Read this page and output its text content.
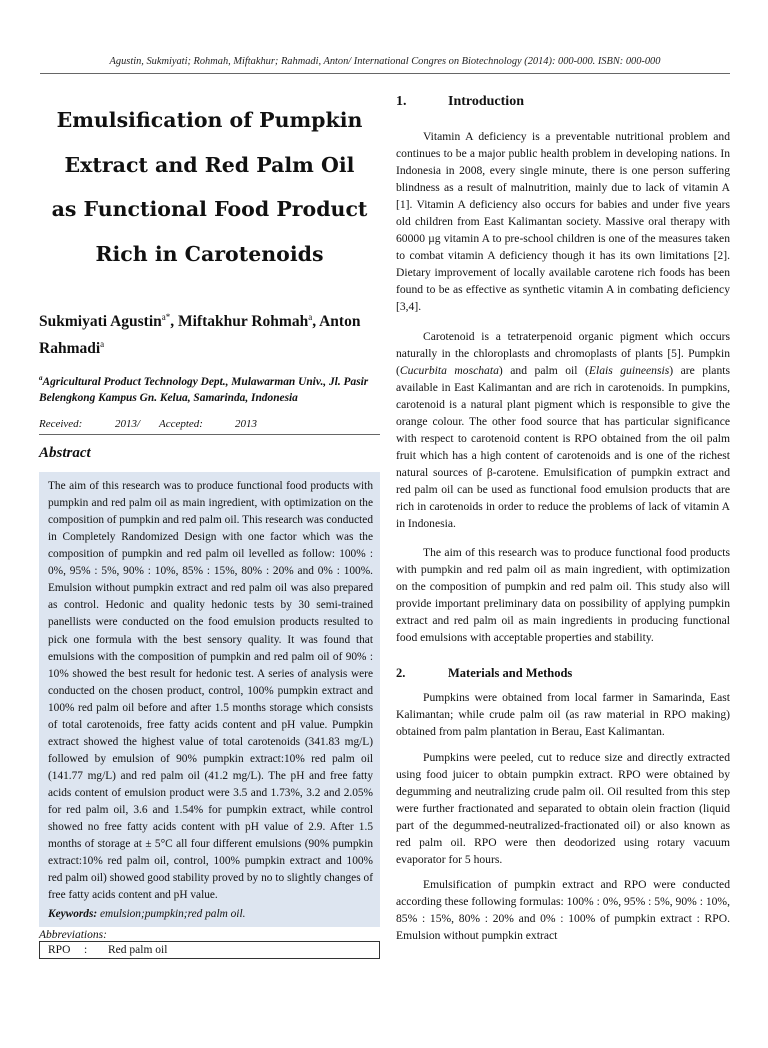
Agustin, Sukmiyati; Rohmah, Miftakhur; Rahmadi, Anton/ International Congres on Biotechnology (2014): 000-000. ISBN: 000-000
Emulsification of Pumpkin
Extract and Red Palm Oil
as Functional Food Product
Rich in Carotenoids
Sukmiyati Agustin$^{a*}$, Miftakhur Rohmah$^a$, Anton Rahmadi$^a$
$^a$Agricultural Product Technology Dept., Mulawarman Univ., Jl. Pasir Belengkong Kampus Gn. Kelua, Samarinda, Indonesia
Received:	2013/	Accepted:	2013
Abstract

The aim of this research was to produce functional food products with pumpkin and red palm oil as main ingredient, with optimization on the composition of pumpkin and red palm oil. This research was conducted in Completely Randomized Design with one factor which was the composition of pumpkin and red palm oil levelled as follow: 100% : 0%, 95% : 5%, 90% : 10%, 85% : 15%, 80% : 20% and 0% : 100%. Emulsion without pumpkin extract and red palm oil was also prepared as control. Hedonic and quality hedonic tests by 30 semi-trained panellists were conducted on the food emulsion products resulted to pick one formula with the best sensory quality. It was found that emulsions with the composition of pumpkin and red palm oil of 90% : 10% showed the best result for hedonic test. A series of analysis were conducted on the chosen product, control, 100% pumpkin extract and 100% red palm oil before and after 1.5 months storage which consists of total carotenoids, free fatty acids content and pH value. Pumpkin extract showed the highest value of total carotenoids (341.83 mg/L) followed by emulsion of 90% pumpkin extract:10% red palm oil (141.77 mg/L) and red palm oil (41.2 mg/L). The pH and free fatty acids content of emulsion product were 3.5 and 1.73%, 3.2 and 2.05% for red palm oil, 3.6 and 1.54% for pumpkin extract, while control showed no free fatty acids content with pH value of 2.9. After 1.5 months of storage at ± 5°C all four different emulsions (90% pumpkin extract:10% red palm oil, control, 100% pumpkin extract and 100% red palm oil) showed good stability proved by no to slightly changes of free fatty acids content and pH value.

Keywords: emulsion;pumpkin;red palm oil.

Abbreviations:
RPO	:	Red palm oil
1.	Introduction

Vitamin A deficiency is a preventable nutritional problem and continues to be a major public health problem in developing nations. In Indonesia in 2008, every single minute, there is one person suffering blindness as a result of malnutrition, mainly due to lack of vitamin A [1]. Vitamin A deficiency also occurs for babies and under five years old children from East Kalimantan society. Massive oral therapy with 60000 µg vitamin A to pre-school children is one of the measures taken to combat vitamin A deficiency though it has its own limitations [2]. Dietary improvement of locally available carotene rich foods has been found to be as effective as synthetic vitamin A in combating deficiency [3,4].

Carotenoid is a tetraterpenoid organic pigment which occurs naturally in the chloroplasts and chromoplasts of plants [5]. Pumpkin (Cucurbita moschata) and palm oil (Elais guineensis) are plants available in East Kalimantan and are rich in carotenoids. In pumpkins, carotenoid is a natural plant pigment which is responsible to give the orange colour. The other food source that has particular significance with respect to carotenoid content is RPO obtained from the oil palm fruit which has a high content of carotenoids and is one of the richest natural sources of β-carotene. Emulsification of pumpkin extract and red palm oil can be used as functional food emulsion products that are rich in carotenoids in order to reduce the problems of lack of vitamin A in Indonesia.

The aim of this research was to produce functional food products with pumpkin and red palm oil as main ingredient, with optimization on the composition of pumpkin and red palm oil. This study also will provide important preliminary data on possibility of applying pumpkin extract and red palm oil as main ingredients in producing functional food emulsions with acceptable properties and stability.

2.	Materials and Methods

Pumpkins were obtained from local farmer in Samarinda, East Kalimantan; while crude palm oil (as raw material in RPO making) obtained from palm plantation in Berau, East Kalimantan.

Pumpkins were peeled, cut to reduce size and directly extracted using food juicer to obtain pumpkin extract. RPO were obtained by degumming and neutralizing crude palm oil. Oil resulted from this step were further fractionated and separated to obtain olein fraction (liquid part of the degummed-neutralized-fractionated oil) or also known as red palm oil. RPO were then deodorized using rotary vacuum evaporator for 5 hours.

Emulsification of pumpkin extract and RPO were conducted according these following formulas: 100% : 0%, 95% : 5%, 90% : 10%, 85% : 15%, 80% : 20% and 0% : 100% of pumpkin extract : RPO. Emulsion without pumpkin extract
